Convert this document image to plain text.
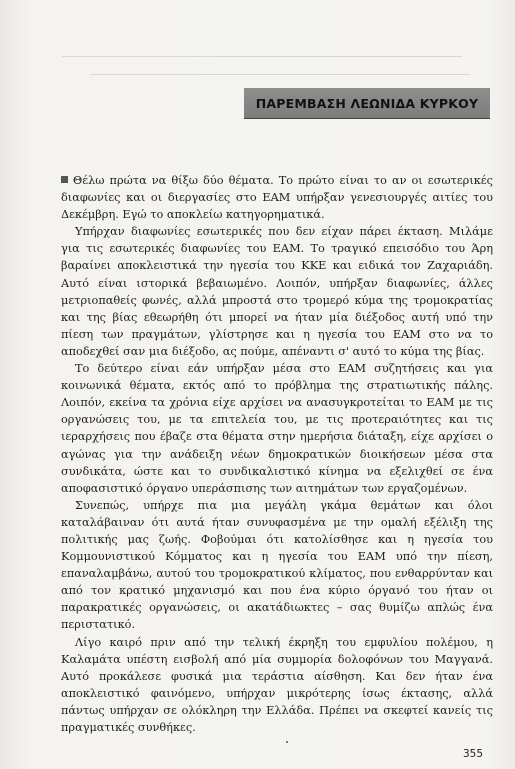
ΠΑΡΕΜΒΑΣΗ ΛΕΩΝΙΔΑ ΚΥΡΚΟΥ

Θέλω πρώτα να θίξω δύο θέματα. Το πρώτο είναι το αν οι εσωτερικές διαφωνίες και οι διεργασίες στο ΕΑΜ υπήρξαν γενεσιουργές αιτίες του Δεκέμβρη. Εγώ το αποκλείω κατηγορηματικά.

Υπήρχαν διαφωνίες εσωτερικές που δεν είχαν πάρει έκταση. Μιλάμε για τις εσωτερικές διαφωνίες του ΕΑΜ. Το τραγικό επεισόδιο του Άρη βαραίνει αποκλειστικά την ηγεσία του ΚΚΕ και ειδικά τον Ζαχαριάδη. Αυτό είναι ιστορικά βεβαιωμένο. Λοιπόν, υπήρξαν διαφωνίες, άλλες μετριοπαθείς φωνές, αλλά μπροστά στο τρομερό κύμα της τρομοκρατίας και της βίας εθεωρήθη ότι μπορεί να ήταν μία διέξοδος αυτή υπό την πίεση των πραγμάτων, γλίστρησε και η ηγεσία του ΕΑΜ στο να το αποδεχθεί σαν μια διέξοδο, ας πούμε, απέναντι σ' αυτό το κύμα της βίας.

Το δεύτερο είναι εάν υπήρξαν μέσα στο ΕΑΜ συζητήσεις και για κοινωνικά θέματα, εκτός από το πρόβλημα της στρατιωτικής πάλης. Λοιπόν, εκείνα τα χρόνια είχε αρχίσει να ανασυγκροτείται το ΕΑΜ με τις οργανώσεις του, με τα επιτελεία του, με τις προτεραιότητες και τις ιεραρχήσεις που έβαζε στα θέματα στην ημερήσια διάταξη, είχε αρχίσει ο αγώνας για την ανάδειξη νέων δημοκρατικών διοικήσεων μέσα στα συνδικάτα, ώστε και το συνδικαλιστικό κίνημα να εξελιχθεί σε ένα αποφασιστικό όργανο υπεράσπισης των αιτημάτων των εργαζομένων.

Συνεπώς, υπήρχε πια μια μεγάλη γκάμα θεμάτων και όλοι καταλάβαιναν ότι αυτά ήταν συνυφασμένα με την ομαλή εξέλιξη της πολιτικής μας ζωής. Φοβούμαι ότι κατολίσθησε και η ηγεσία του Κομμουνιστικού Κόμματος και η ηγεσία του ΕΑΜ υπό την πίεση, επαναλαμβάνω, αυτού του τρομοκρατικού κλίματος, που ενθαρρύνταν και από τον κρατικό μηχανισμό και που ένα κύριο όργανό του ήταν οι παρακρατικές οργανώσεις, οι ακατάδιωκτες – σας θυμίζω απλώς ένα περιστατικό.

Λίγο καιρό πριν από την τελική έκρηξη του εμφυλίου πολέμου, η Καλαμάτα υπέστη εισβολή από μία συμμορία δολοφόνων του Μαγγανά. Αυτό προκάλεσε φυσικά μια τεράστια αίσθηση. Και δεν ήταν ένα αποκλειστικό φαινόμενο, υπήρχαν μικρότερης ίσως έκτασης, αλλά πάντως υπήρχαν σε ολόκληρη την Ελλάδα. Πρέπει να σκεφτεί κανείς τις πραγματικές συνθήκες.

355
